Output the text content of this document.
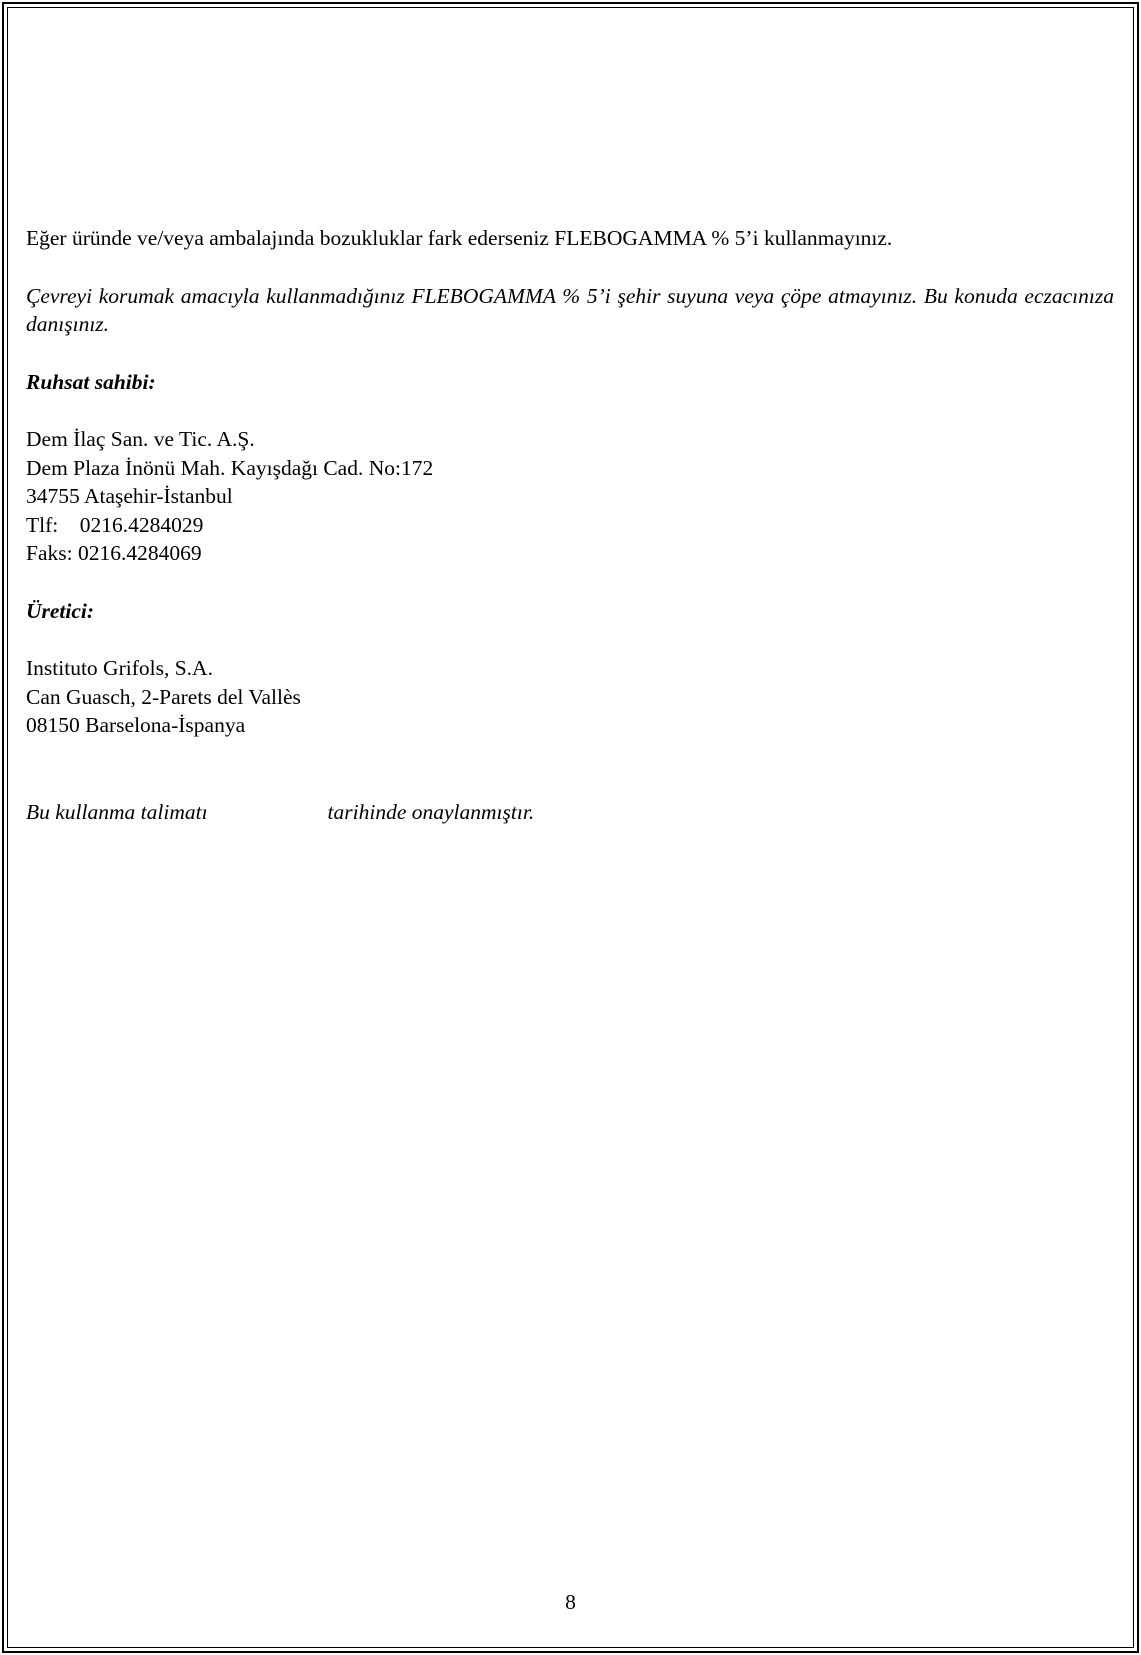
Eğer üründe ve/veya ambalajında bozukluklar fark ederseniz FLEBOGAMMA % 5’i kullanmayınız.

Çevreyi korumak amacıyla kullanmadığınız FLEBOGAMMA % 5’i şehir suyuna veya çöpe atmayınız. Bu konuda eczacınıza danışınız.

Ruhsat sahibi:

Dem İlaç San. ve Tic. A.Ş.

Dem Plaza İnönü Mah. Kayışdağı Cad. No:172

34755 Ataşehir-İstanbul

Tlf:    0216.4284029

Faks: 0216.4284069

Üretici:

Instituto Grifols, S.A.

Can Guasch, 2-Parets del Vallès

08150 Barselona-İspanya

Bu kullanma talimatı	tarihinde onaylanmıştır.

8
